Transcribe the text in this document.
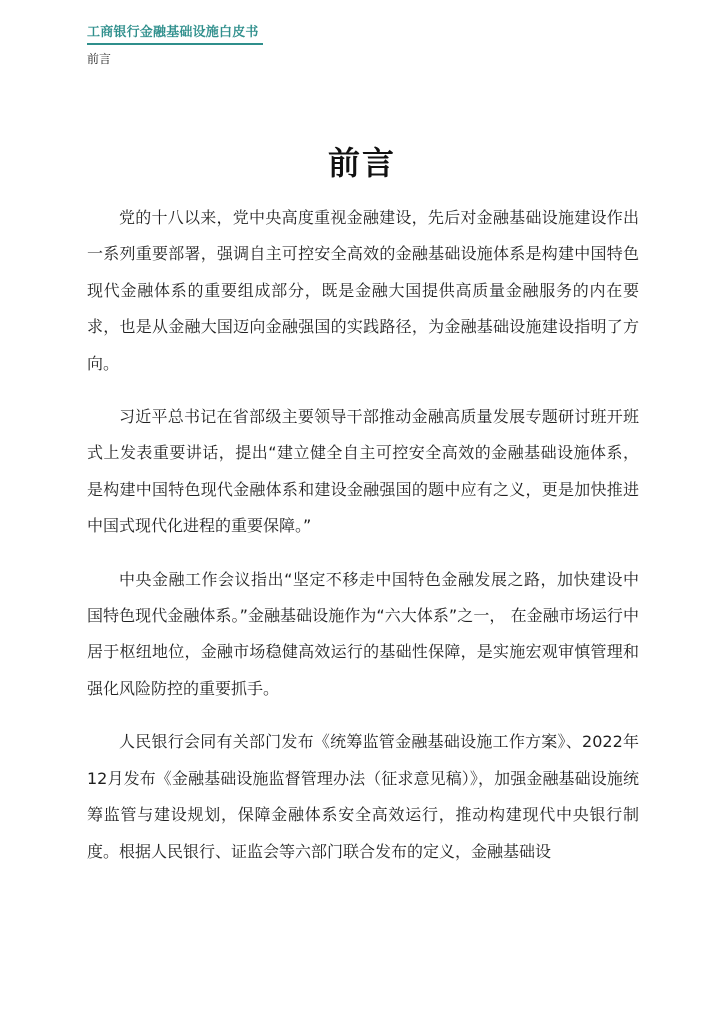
工商银行金融基础设施白皮书
前言
前言

党的十八以来，党中央高度重视金融建设，先后对金融基础设施建设作出一系列重要部署，强调自主可控安全高效的金融基础设施体系是构建中国特色现代金融体系的重要组成部分，既是金融大国提供高质量金融服务的内在要求，也是从金融大国迈向金融强国的实践路径，为金融基础设施建设指明了方向。

习近平总书记在省部级主要领导干部推动金融高质量发展专题研讨班开班式上发表重要讲话，提出“建立健全自主可控安全高效的金融基础设施体系，是构建中国特色现代金融体系和建设金融强国的题中应有之义，更是加快推进中国式现代化进程的重要保障。”

中央金融工作会议指出“坚定不移走中国特色金融发展之路，加快建设中国特色现代金融体系。”金融基础设施作为“六大体系”之一， 在金融市场运行中居于枢纽地位，金融市场稳健高效运行的基础性保障，是实施宏观审慎管理和强化风险防控的重要抓手。

人民银行会同有关部门发布《统筹监管金融基础设施工作方案》、2022年12月发布《金融基础设施监督管理办法（征求意见稿）》，加强金融基础设施统筹监管与建设规划，保障金融体系安全高效运行，推动构建现代中央银行制度。根据人民银行、证监会等六部门联合发布的定义，金融基础设
